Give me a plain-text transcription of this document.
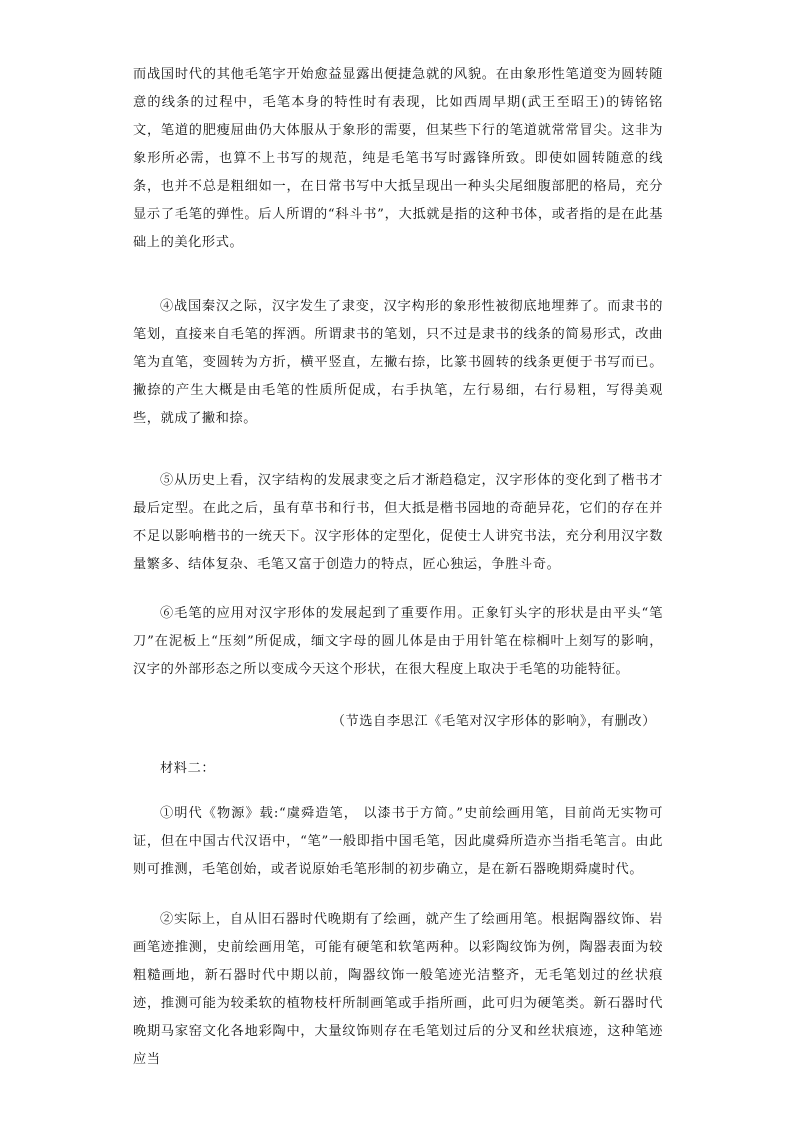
而战国时代的其他毛笔字开始愈益显露出便捷急就的风貌。在由象形性笔道变为圆转随意的线条的过程中，毛笔本身的特性时有表现，比如西周早期(武王至昭王)的铸铭铭文，笔道的肥瘦屈曲仍大体服从于象形的需要，但某些下行的笔道就常常冒尖。这非为象形所必需，也算不上书写的规范，纯是毛笔书写时露锋所致。即使如圆转随意的线条，也并不总是粗细如一，在日常书写中大抵呈现出一种头尖尾细腹部肥的格局，充分显示了毛笔的弹性。后人所谓的“科斗书”，大抵就是指的这种书体，或者指的是在此基础上的美化形式。

④战国秦汉之际，汉字发生了隶变，汉字构形的象形性被彻底地埋葬了。而隶书的笔划，直接来自毛笔的挥洒。所谓隶书的笔划，只不过是隶书的线条的简易形式，改曲笔为直笔，变圆转为方折，横平竖直，左撇右捺，比篆书圆转的线条更便于书写而已。撇捺的产生大概是由毛笔的性质所促成，右手执笔，左行易细，右行易粗，写得美观些，就成了撇和捺。

⑤从历史上看，汉字结构的发展隶变之后才渐趋稳定，汉字形体的变化到了楷书才最后定型。在此之后，虽有草书和行书，但大抵是楷书园地的奇葩异花，它们的存在并不足以影响楷书的一统天下。汉字形体的定型化，促使士人讲究书法，充分利用汉字数量繁多、结体复杂、毛笔又富于创造力的特点，匠心独运，争胜斗奇。

⑥毛笔的应用对汉字形体的发展起到了重要作用。正象钉头字的形状是由平头“笔刀”在泥板上“压刻”所促成，缅文字母的圆儿体是由于用针笔在棕榈叶上刻写的影响，汉字的外部形态之所以变成今天这个形状，在很大程度上取决于毛笔的功能特征。

（节选自李思江《毛笔对汉字形体的影响》，有删改）

材料二：

①明代《物源》载:“虞舜造笔， 以漆书于方简。”史前绘画用笔，目前尚无实物可证，但在中国古代汉语中，“笔”一般即指中国毛笔，因此虞舜所造亦当指毛笔言。由此则可推测，毛笔创始，或者说原始毛笔形制的初步确立，是在新石器晚期舜虞时代。

②实际上，自从旧石器时代晚期有了绘画，就产生了绘画用笔。根据陶器纹饰、岩画笔迹推测，史前绘画用笔，可能有硬笔和软笔两种。以彩陶纹饰为例，陶器表面为较粗糙画地，新石器时代中期以前，陶器纹饰一般笔迹光洁整齐，无毛笔划过的丝状痕迹，推测可能为较柔软的植物枝杆所制画笔或手指所画，此可归为硬笔类。新石器时代晚期马家窑文化各地彩陶中，大量纹饰则存在毛笔划过后的分叉和丝状痕迹，这种笔迹应当
